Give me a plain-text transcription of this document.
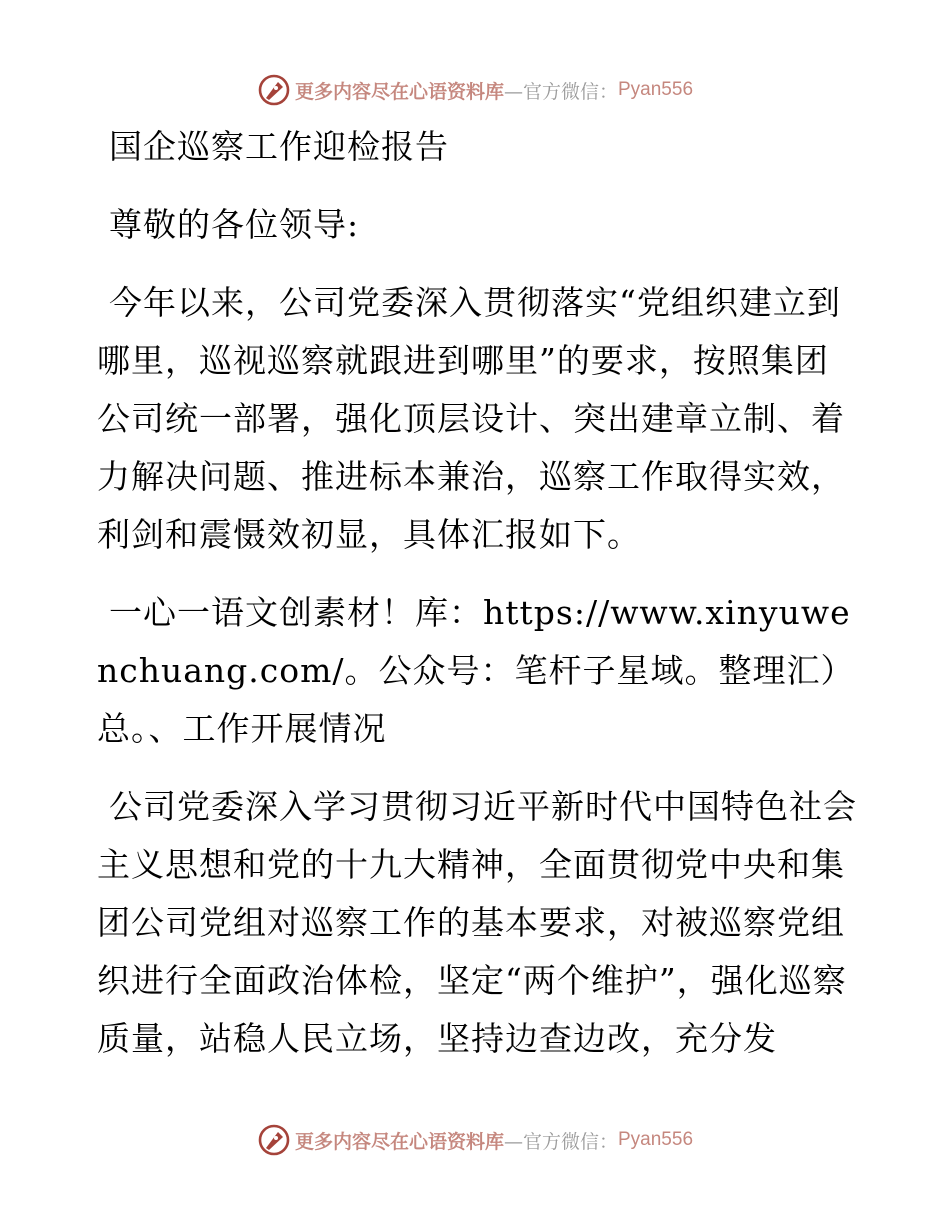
更多内容尽在心语资料库 —官方微信： Pyan556

国企巡察工作迎检报告

尊敬的各位领导:

今年以来，公司党委深入贯彻落实“党组织建立到哪里，巡视巡察就跟进到哪里”的要求，按照集团公司统一部署，强化顶层设计、突出建章立制、着力解决问题、推进标本兼治，巡察工作取得实效，利剑和震慑效初显，具体汇报如下。

一心一语文创素材！库：https://www.xinyuwenchuang.com/。公众号：笔杆子星域。整理汇）总。、工作开展情况

公司党委深入学习贯彻习近平新时代中国特色社会主义思想和党的十九大精神，全面贯彻党中央和集团公司党组对巡察工作的基本要求，对被巡察党组织进行全面政治体检，坚定“两个维护”，强化巡察质量，站稳人民立场，坚持边查边改，充分发

更多内容尽在心语资料库 —官方微信： Pyan556
